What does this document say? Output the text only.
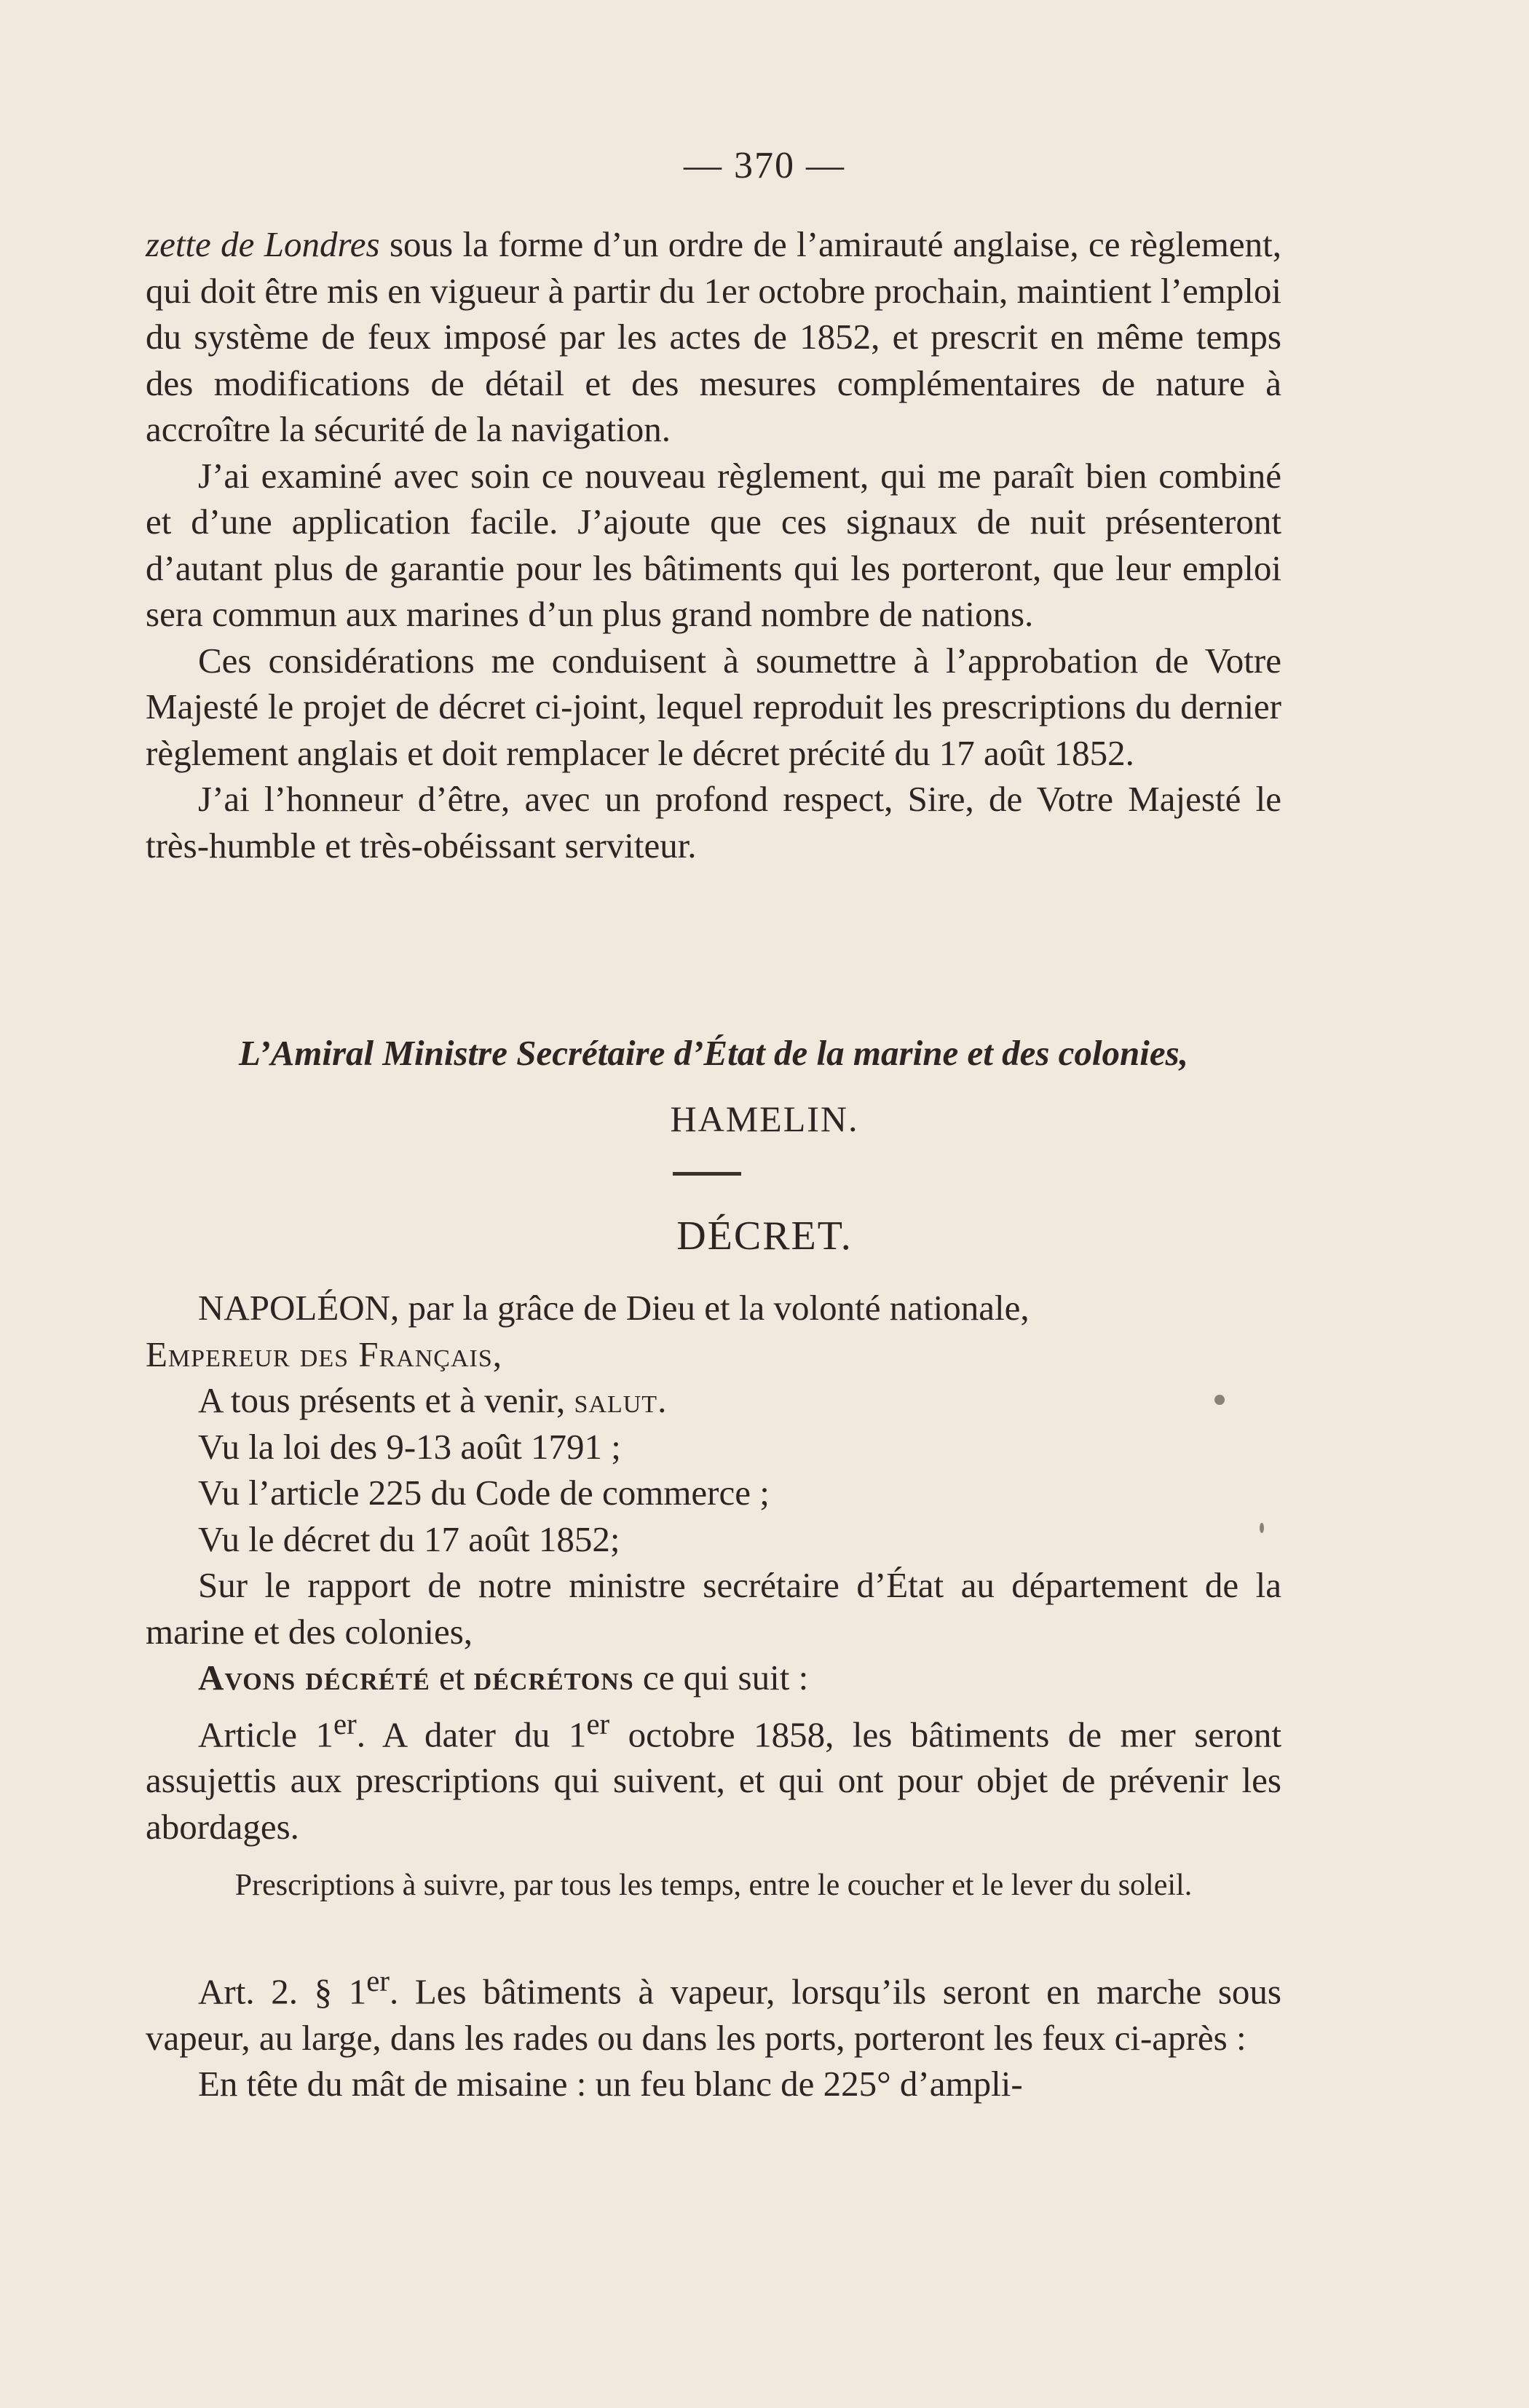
— 370 —

zette de Londres sous la forme d’un ordre de l’amirauté anglaise, ce règlement, qui doit être mis en vigueur à partir du 1er octobre prochain, maintient l’emploi du système de feux imposé par les actes de 1852, et prescrit en même temps des modifications de détail et des mesures complémentaires de nature à accroître la sécurité de la navigation.

J’ai examiné avec soin ce nouveau règlement, qui me paraît bien combiné et d’une application facile. J’ajoute que ces signaux de nuit présenteront d’autant plus de garantie pour les bâtiments qui les porteront, que leur emploi sera commun aux marines d’un plus grand nombre de nations.

Ces considérations me conduisent à soumettre à l’approbation de Votre Majesté le projet de décret ci-joint, lequel reproduit les prescriptions du dernier règlement anglais et doit remplacer le décret précité du 17 août 1852.

J’ai l’honneur d’être, avec un profond respect, Sire, de Votre Majesté le très-humble et très-obéissant serviteur.

L’Amiral Ministre Secrétaire d’État de la marine et des colonies,
HAMELIN.
DÉCRET.

NAPOLÉON, par la grâce de Dieu et la volonté nationale,

Empereur des Français,

A tous présents et à venir, salut.

Vu la loi des 9-13 août 1791 ;

Vu l’article 225 du Code de commerce ;

Vu le décret du 17 août 1852;

Sur le rapport de notre ministre secrétaire d’État au département de la marine et des colonies,

Avons décrété et décrétons ce qui suit :

Article 1er. A dater du 1er octobre 1858, les bâtiments de mer seront assujettis aux prescriptions qui suivent, et qui ont pour objet de prévenir les abordages.

Prescriptions à suivre, par tous les temps, entre le coucher et le lever du soleil.

Art. 2. § 1er. Les bâtiments à vapeur, lorsqu’ils seront en marche sous vapeur, au large, dans les rades ou dans les ports, porteront les feux ci-après :

En tête du mât de misaine : un feu blanc de 225° d’ampli-
